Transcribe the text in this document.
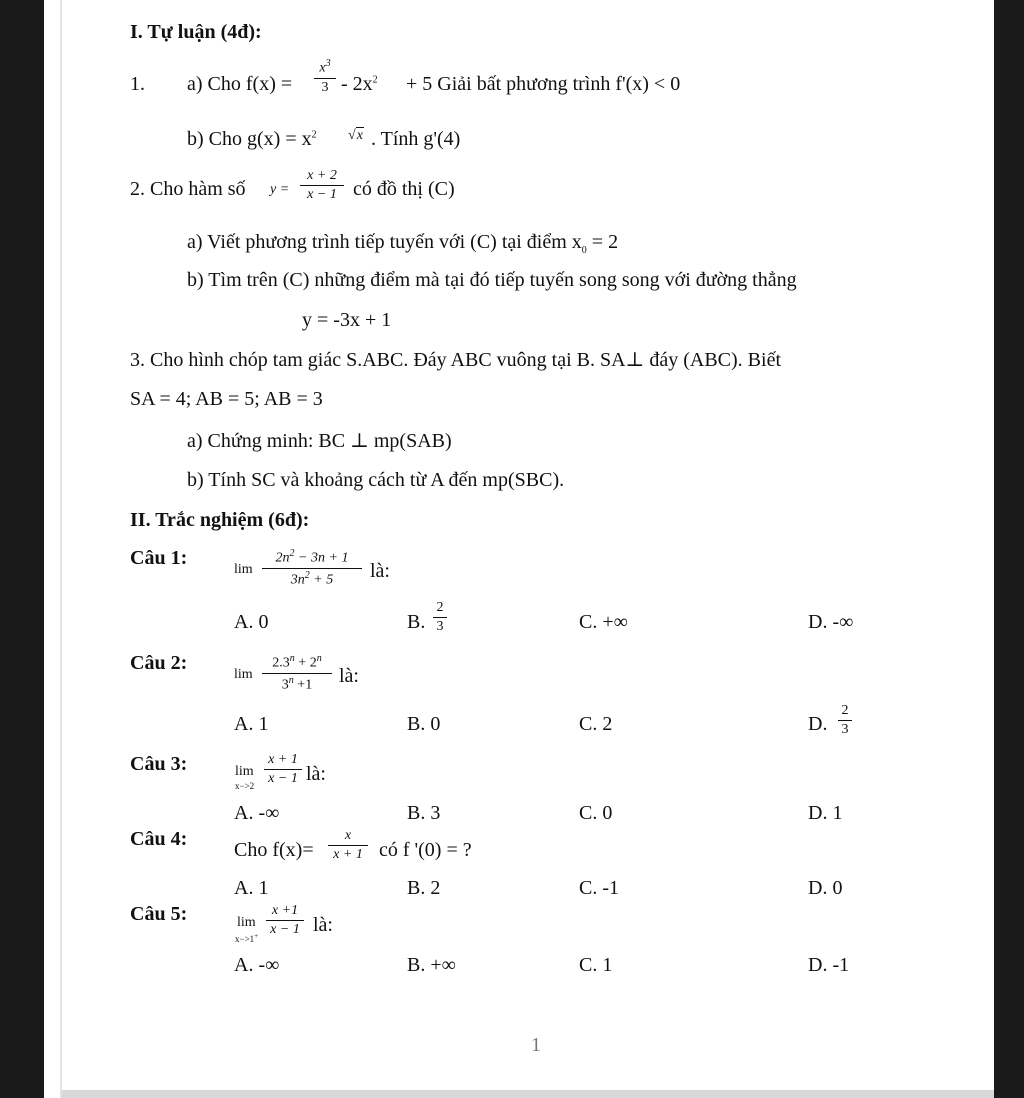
I. Tự luận (4đ):
1. a) Cho f(x) =
$x^3$
$3 - 2x^2 + 5$ Giải bất phương trình f'(x) < 0
b) Cho $g(x) = x^2$ √x . Tính g'(4)
2. Cho hàm số y =
x + 2
x − 1 có đồ thị (C)
a) Viết phương trình tiếp tuyến với (C) tại điểm $x_0 = 2$
b) Tìm trên (C) những điểm mà tại đó tiếp tuyến song song với đường thẳng
y = -3x + 1
3. Cho hình chóp tam giác S.ABC. Đáy ABC vuông tại B. SA⊥ đáy (ABC). Biết
SA = 4; AB = 5; AB = 3
a) Chứng minh: BC ⊥ mp(SAB)
b) Tính SC và khoảng cách từ A đến mp(SBC).
II. Trắc nghiệm (6đ):
Câu 1:
lim
$2n^2 - 3n + 1$
$3n^2 + 5$	là:
A. 0	B.
2
3	C. +∞	D. -∞
Câu 2:
lim
$2.3^n + 2^n$
$3^n +1$	là:
A. 1	B. 0	C. 2	D.
2
3
Câu 3:	lim
x−>2
x + 1
x − 1 là:
A. -∞	B. 3	C. 0	D. 1
Câu 4: Cho f(x)=
x
x + 1 có f '(0) = ?
A. 1	B. 2	C. -1	D. 0
Câu 5:	lim
x−>1+
x +1
x − 1 là:
A. -∞	B. +∞	C. 1	D. -1
1
